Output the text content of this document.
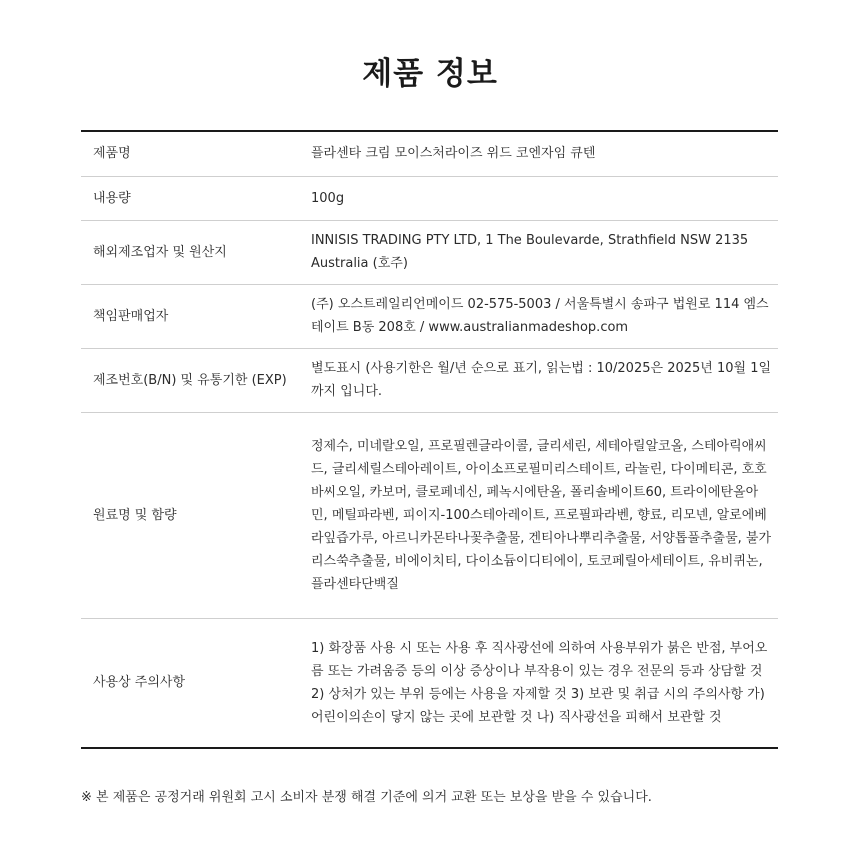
제품 정보
제품명	플라센타 크림 모이스처라이즈 위드 코엔자임 큐텐
내용량	100g
해외제조업자 및 원산지	INNISIS TRADING PTY LTD, 1 The Boulevarde, Strathfield NSW 2135 Australia (호주)
책임판매업자	(주) 오스트레일리언메이드 02-575-5003 / 서울특별시 송파구 법원로 114 엠스테이트 B동 208호 / www.australianmadeshop.com
제조번호(B/N) 및 유통기한 (EXP)	별도표시 (사용기한은 월/년 순으로 표기, 읽는법 : 10/2025은 2025년 10월 1일 까지 입니다.
원료명 및 함량	정제수, 미네랄오일, 프로필렌글라이콜, 글리세린, 세테아릴알코올, 스테아릭애씨드, 글리세릴스테아레이트, 아이소프로필미리스테이트, 라놀린, 다이메티콘, 호호바씨오일, 카보머, 클로페네신, 페녹시에탄올, 폴리솔베이트60, 트라이에탄올아민, 메틸파라벤, 피이지-100스테아레이트, 프로필파라벤, 향료, 리모넨, 알로에베라잎즙가루, 아르니카몬타나꽃추출물, 겐티아나뿌리추출물, 서양톱풀추출물, 불가리스쑥추출물, 비에이치티, 다이소듐이디티에이, 토코페릴아세테이트, 유비퀴논, 플라센타단백질
사용상 주의사항	1) 화장품 사용 시 또는 사용 후 직사광선에 의하여 사용부위가 붉은 반점, 부어오름 또는 가려움증 등의 이상 증상이나 부작용이 있는 경우 전문의 등과 상담할 것 2) 상처가 있는 부위 등에는 사용을 자제할 것 3) 보관 및 취급 시의 주의사항 가) 어린이의손이 닿지 않는 곳에 보관할 것 나) 직사광선을 피해서 보관할 것

※ 본 제품은 공정거래 위원회 고시 소비자 분쟁 해결 기준에 의거 교환 또는 보상을 받을 수 있습니다.
